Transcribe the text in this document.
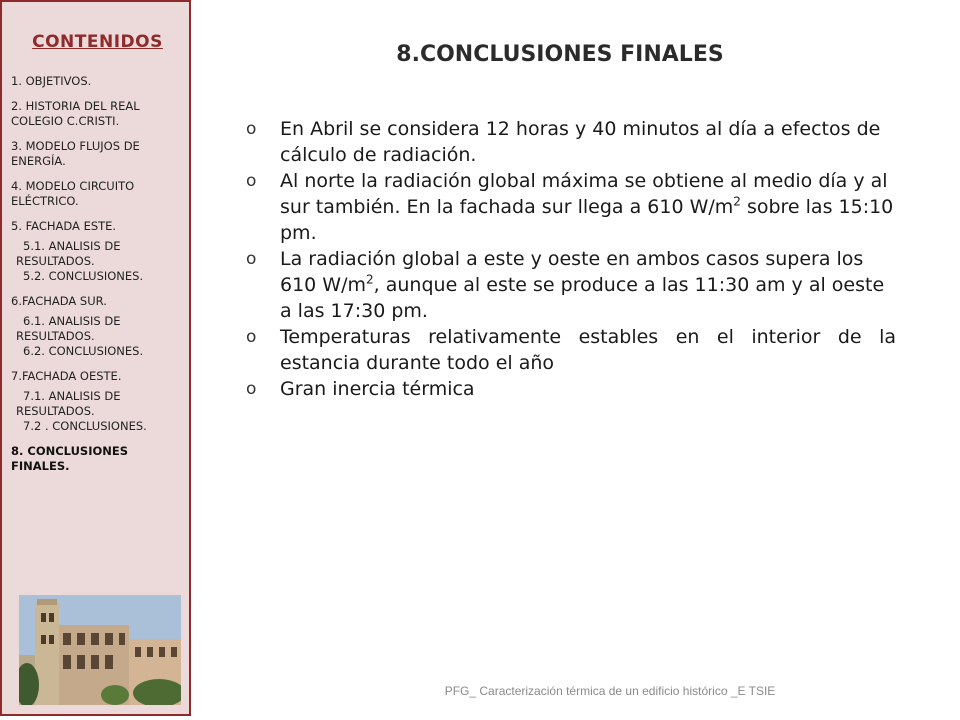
CONTENIDOS
1. OBJETIVOS.
2. HISTORIA DEL REAL
COLEGIO C.CRISTI.
3. MODELO FLUJOS DE
ENERGÍA.
4. MODELO CIRCUITO
ELÉCTRICO.
5. FACHADA ESTE.
5.1. ANALISIS DE
RESULTADOS.
5.2. CONCLUSIONES.
6.FACHADA SUR.
6.1. ANALISIS DE
RESULTADOS.
6.2. CONCLUSIONES.
7.FACHADA OESTE.
7.1. ANALISIS DE
RESULTADOS.
7.2 . CONCLUSIONES.
8. CONCLUSIONES
FINALES.
8.CONCLUSIONES FINALES
o En Abril se considera 12 horas y 40 minutos al día a efectos de cálculo de radiación.
o Al norte la radiación global máxima se obtiene al medio día y al sur también. En la fachada sur llega a 610 $W/m^2$ sobre las 15:10 pm.
o La radiación global a este y oeste en ambos casos supera los 610 $W/m^2$, aunque al este se produce a las 11:30 am y al oeste a las 17:30 pm.
o Temperaturas relativamente estables en el interior de la estancia durante todo el año
o Gran inercia térmica
PFG_ Caracterización térmica de un edificio histórico _E TSIE
